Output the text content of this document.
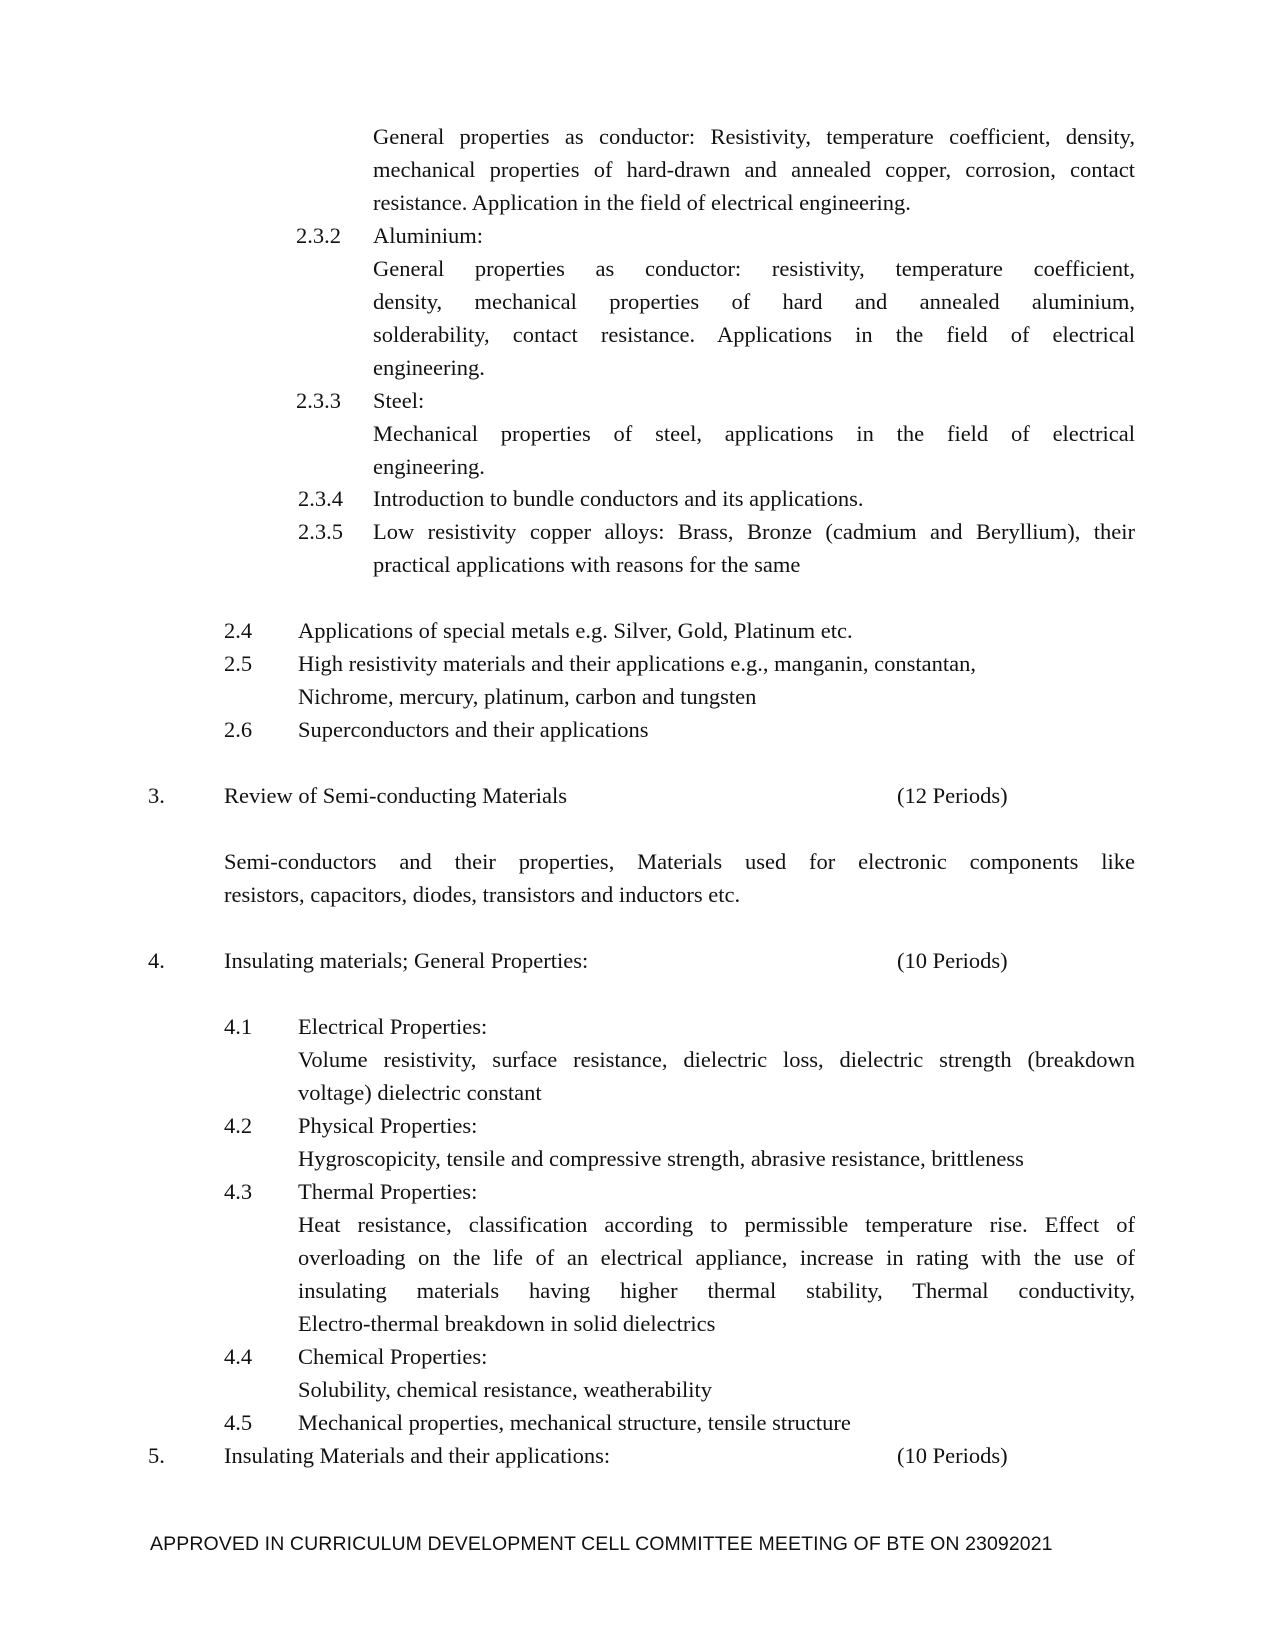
General properties as conductor: Resistivity, temperature coefficient, density,
mechanical properties of hard-drawn and annealed copper, corrosion, contact
resistance. Application in the field of electrical engineering.
2.3.2 Aluminium:
General properties as conductor: resistivity, temperature coefficient,
density, mechanical properties of hard and annealed aluminium,
solderability, contact resistance. Applications in the field of electrical
engineering.
2.3.3 Steel:
Mechanical properties of steel, applications in the field of electrical
engineering.
2.3.4 Introduction to bundle conductors and its applications.
2.3.5 Low resistivity copper alloys: Brass, Bronze (cadmium and Beryllium), their
practical applications with reasons for the same
2.4 Applications of special metals e.g. Silver, Gold, Platinum etc.
2.5 High resistivity materials and their applications e.g., manganin, constantan,
Nichrome, mercury, platinum, carbon and tungsten
2.6 Superconductors and their applications
3.	Review of Semi-conducting Materials	(12 Periods)
Semi-conductors and their properties, Materials used for electronic components like
resistors, capacitors, diodes, transistors and inductors etc.
4.	Insulating materials; General Properties:	(10 Periods)
4.1 Electrical Properties:
Volume resistivity, surface resistance, dielectric loss, dielectric strength (breakdown
voltage) dielectric constant
4.2 Physical Properties:
Hygroscopicity, tensile and compressive strength, abrasive resistance, brittleness
4.3 Thermal Properties:
Heat resistance, classification according to permissible temperature rise. Effect of
overloading on the life of an electrical appliance, increase in rating with the use of
insulating materials having higher thermal stability, Thermal conductivity,
Electro-thermal breakdown in solid dielectrics
4.4 Chemical Properties:
Solubility, chemical resistance, weatherability
4.5 Mechanical properties, mechanical structure, tensile structure
5.	Insulating Materials and their applications:	(10 Periods)
APPROVED IN CURRICULUM DEVELOPMENT CELL COMMITTEE MEETING OF BTE ON 23092021
